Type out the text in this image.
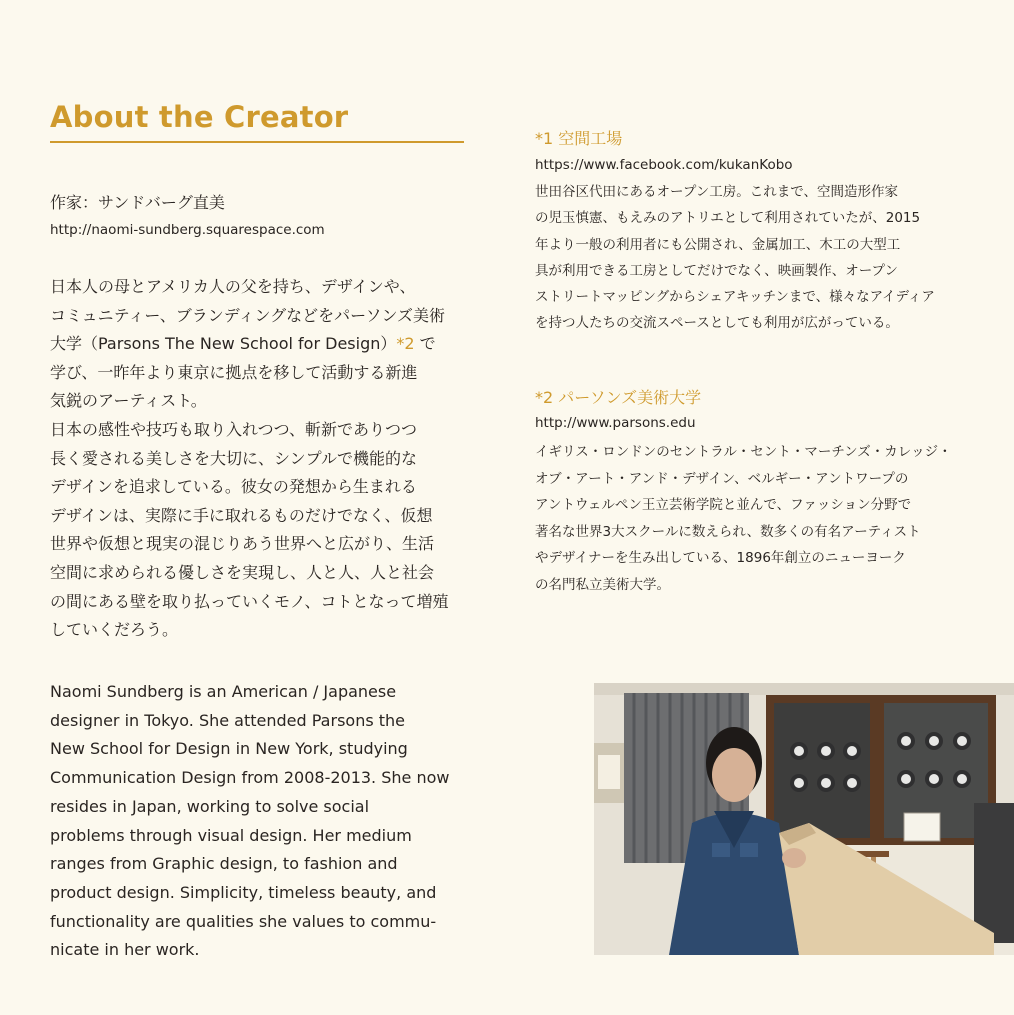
About the Creator
作家：サンドバーグ直美
http://naomi-sundberg.squarespace.com

日本人の母とアメリカ人の父を持ち、デザインや、
コミュニティー、ブランディングなどをパーソンズ美術
大学（Parsons The New School for Design）*2 で
学び、一昨年より東京に拠点を移して活動する新進
気鋭のアーティスト。
日本の感性や技巧も取り入れつつ、斬新でありつつ
長く愛される美しさを大切に、シンプルで機能的な
デザインを追求している。彼女の発想から生まれる
デザインは、実際に手に取れるものだけでなく、仮想
世界や仮想と現実の混じりあう世界へと広がり、生活
空間に求められる優しさを実現し、人と人、人と社会
の間にある壁を取り払っていくモノ、コトとなって増殖
していくだろう。

Naomi Sundberg is an American / Japanese
designer in Tokyo. She attended Parsons the
New School for Design in New York, studying
Communication Design from 2008-2013. She now
resides in Japan, working to solve social
problems through visual design. Her medium
ranges from Graphic design, to fashion and
product design. Simplicity, timeless beauty, and
functionality are qualities she values to commu-
nicate in her work.

*1 空間工場
https://www.facebook.com/kukanKobo

世田谷区代田にあるオープン工房。これまで、空間造形作家
の児玉慎憲、もえみのアトリエとして利用されていたが、2015
年より一般の利用者にも公開され、金属加工、木工の大型工
具が利用できる工房としてだけでなく、映画製作、オープン
ストリートマッピングからシェアキッチンまで、様々なアイディア
を持つ人たちの交流スペースとしても利用が広がっている。

*2 パーソンズ美術大学
http://www.parsons.edu

イギリス・ロンドンのセントラル・セント・マーチンズ・カレッジ・
オブ・アート・アンド・デザイン、ベルギー・アントワープの
アントウェルペン王立芸術学院と並んで、ファッション分野で
著名な世界3大スクールに数えられ、数多くの有名アーティスト
やデザイナーを生み出している、1896年創立のニューヨーク
の名門私立美術大学。
